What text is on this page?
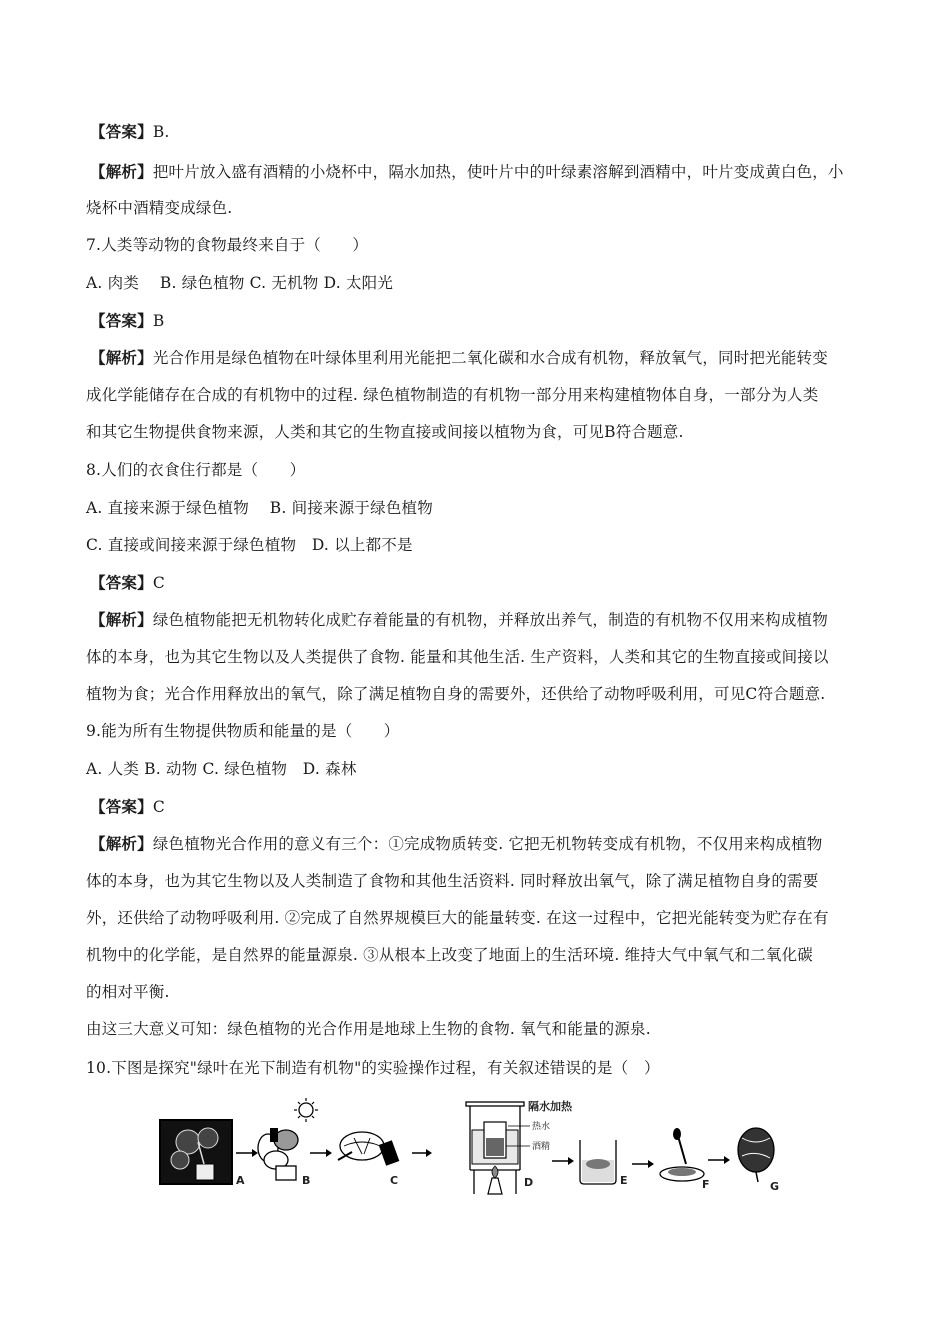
【答案】B.
【解析】把叶片放入盛有酒精的小烧杯中，隔水加热，使叶片中的叶绿素溶解到酒精中，叶片变成黄白色，小
烧杯中酒精变成绿色.
7.人类等动物的食物最终来自于（　　）
A. 肉类　 B. 绿色植物 C. 无机物 D. 太阳光
【答案】B
【解析】光合作用是绿色植物在叶绿体里利用光能把二氧化碳和水合成有机物，释放氧气，同时把光能转变
成化学能储存在合成的有机物中的过程. 绿色植物制造的有机物一部分用来构建植物体自身，一部分为人类
和其它生物提供食物来源，人类和其它的生物直接或间接以植物为食，可见B符合题意.
8.人们的衣食住行都是（　　）
A. 直接来源于绿色植物　 B. 间接来源于绿色植物
C. 直接或间接来源于绿色植物　D. 以上都不是
【答案】C
【解析】绿色植物能把无机物转化成贮存着能量的有机物，并释放出养气，制造的有机物不仅用来构成植物
体的本身，也为其它生物以及人类提供了食物. 能量和其他生活. 生产资料，人类和其它的生物直接或间接以
植物为食；光合作用释放出的氧气，除了满足植物自身的需要外，还供给了动物呼吸利用，可见C符合题意.
9.能为所有生物提供物质和能量的是（　　）
A. 人类 B. 动物 C. 绿色植物　D. 森林
【答案】C
【解析】绿色植物光合作用的意义有三个：①完成物质转变. 它把无机物转变成有机物，不仅用来构成植物
体的本身，也为其它生物以及人类制造了食物和其他生活资料. 同时释放出氧气，除了满足植物自身的需要
外，还供给了动物呼吸利用. ②完成了自然界规模巨大的能量转变. 在这一过程中，它把光能转变为贮存在有
机物中的化学能，是自然界的能量源泉. ③从根本上改变了地面上的生活环境. 维持大气中氧气和二氧化碳
的相对平衡.
由这三大意义可知：绿色植物的光合作用是地球上生物的食物. 氧气和能量的源泉.
10.下图是探究"绿叶在光下制造有机物"的实验操作过程，有关叙述错误的是（　）
A	B	C
隔水加热
热水
酒精
D	E	F	G
